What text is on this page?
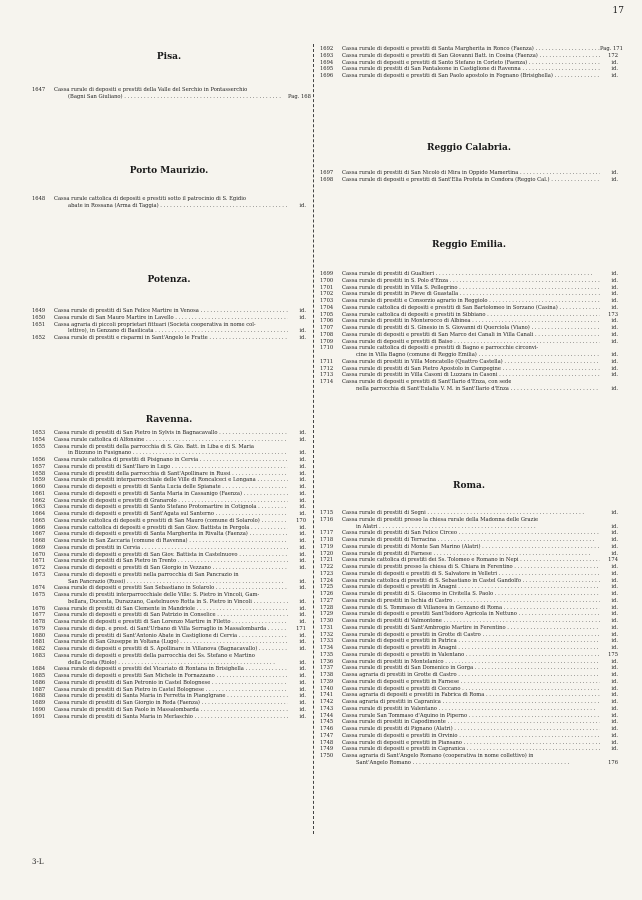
17
Pisa.
1647	Cassa rurale di depositi e prestiti della Valle del Serchio in Pontasserchio
(Bagni San Giuliano) . . .	Pag. 168
Porto Maurizio.
1648	Cassa rurale cattolica di depositi e prestiti sotto il patrocinio di S. Egidio
abate in Rossana (Arma di Taggia) . . .	id.
Potenza.
1649	Cassa rurale di prestiti di San Felice Martire in Venosa . . .	id.
1650	Cassa rurale di San Mauro Martire in Lavello . . .	id.
1651	Cassa agraria di piccoli proprietari fittuari (Società cooperativa in nome col-
lettivo), in Genzano di Basilicata . . .	id.
1652	Cassa rurale di prestiti e risparmi in Sant'Angelo le Fratte . . .	id.
Ravenna.
1653	Cassa rurale di prestiti di San Pietro in Sylvis in Bagnacavallo . . .	id.
1654	Cassa rurale cattolica di Alfonsine . . .	id.
1655	Cassa rurale di prestiti della parrocchia di S. Gio. Batt. in Liba e di S. Maria
in Bizzuno in Fusignano . . .	id.
1656	Cassa rurale cattolica di prestiti di Pisignano in Cervia . . .	id.
1657	Cassa rurale di prestiti di Sant'Ilaro in Lugo . . .	id.
1658	Cassa rurale di prestiti della parrocchia di Sant'Apollinare in Russi . . .	id.
1659	Cassa rurale di prestiti interparrocchiale delle Ville di Roncalceci e Longana . . .	id.
1660	Cassa rurale di depositi e prestiti di Santa Lucia delle Spianate . . .	id.
1661	Cassa rurale di depositi e prestiti di Santa Maria in Cassanigo (Faenza) . . .	id.
1662	Cassa rurale di depositi e prestiti di Granarolo . . .	id.
1663	Cassa rurale di depositi e prestiti di Santo Stefano Protomartire in Cotignola . . .	id.
1664	Cassa rurale di depositi e prestiti di Sant'Agata sul Santerno . . .	id.
1665	Cassa rurale cattolica di depositi e prestiti di San Mauro (comune di Solarolo) . . .	170
1666	Cassa rurale cattolica di depositi e prestiti di San Giov. Battista in Pergola . . .	id.
1667	Cassa rurale di depositi e prestiti di Santa Margherita in Rivalta (Faenza) . . .	id.
1668	Cassa rurale in San Zaccaria (comune di Ravenna) . . .	id.
1669	Cassa rurale di prestiti in Cervia . . .	id.
1670	Cassa rurale di depositi e prestiti di San Giov. Battista in Castelnuovo . . .	id.
1671	Cassa rurale di prestiti di San Pietro in Trento . . .	id.
1672	Cassa rurale di depositi e prestiti di San Giorgio in Vezzano . . .	id.
1673	Cassa rurale di depositi e prestiti nella parrocchia di San Pancrazio in
San Pancrazio (Russi) . . .	id.
1674	Cassa rurale di depositi e prestiti San Sebastiano in Solarolo . . .	id.
1675	Cassa rurale di prestiti interparrocchiale delle Ville: S. Pietro in Vincoli, Gam-
bellara, Ducenta, Durazzano, Castelnuovo Rotta in S. Pietro in Vincoli . . .	id.
1676	Cassa rurale di prestiti di San Clemente in Mandriole . . .	id.
1677	Cassa rurale di depositi e prestiti di San Patrizio in Conselice . . .	id.
1678	Cassa rurale di depositi e prestiti di San Lorenzo Martire in Filetto . . .	id.
1679	Cassa rurale di dep. e prest. di Sant'Urbano di Villa Serraglio in Massalombarda . . .	171
1680	Cassa rurale di prestiti di Sant'Antonio Abate in Castiglione di Cervia . . .	id.
1681	Cassa rurale di San Giuseppe in Voltana (Lugo) . . .	id.
1682	Cassa rurale di depositi e prestiti di S. Apollinare in Villanova (Bagnacavallo) . . .	id.
1683	Cassa rurale di depositi e prestiti della parrocchia dei Ss. Stefano e Martino
della Costa (Riolo) . . .	id.
1684	Cassa rurale di depositi e prestiti del Vicariato di Rontana in Brisighella . . .	id.
1685	Cassa rurale di depositi e prestiti San Michele in Fornazzano . . .	id.
1686	Cassa rurale di prestiti di San Petronio in Castel Bolognese . . .	id.
1687	Cassa rurale di prestiti di San Pietro in Castel Bolognese . . .	id.
1688	Cassa rurale di prestiti di Santa Maria in Ferretta in Pianglgrane . . .	id.
1689	Cassa rurale di prestiti di San Giorgio in Reda (Faenza) . . .	id.
1690	Cassa rurale di prestiti di San Paolo in Massalombarda . . .	id.
1691	Cassa rurale di prestiti di Santa Maria in Merlaschio . . .	id.
1692	Cassa rurale di depositi e prestiti di Santa Margherita in Ronco (Faenza) . . .	Pag. 171
1693	Cassa rurale di depositi e prestiti di San Giovanni Batt. in Cosina (Faenza) . . .	172
1694	Cassa rurale di depositi e prestiti di Santo Stefano in Corleto (Faenza) . . .	id.
1695	Cassa rurale di prestiti di San Pantaleone in Castiglione di Ravenna . . .	id.
1696	Cassa rurale di depositi e prestiti di San Paolo apostolo in Fognano (Brisighella) . . .	id.
Reggio Calabria.
1697	Cassa rurale di prestiti di San Nicolò di Mira in Oppido Mamertina . . .	id.
1698	Cassa rurale di depositi e prestiti di Sant'Elia Profeta in Condora (Reggio Cal.) . . .	id.
Reggio Emilia.
1699	Cassa rurale di prestiti di Gualtieri . . .	id.
1700	Cassa rurale di prestiti in S. Polo d'Enza . . .	id.
1701	Cassa rurale di prestiti in Villa S. Pellegrino . . .	id.
1702	Cassa rurale di prestiti in Pieve di Guastalla . . .	id.
1703	Cassa rurale di prestiti e Consorzio agrario in Reggiolo . . .	id.
1704	Cassa rurale cattolica di depositi e prestiti di San Bartolomeo in Sorzano (Casina) . . .	id.
1705	Cassa rurale cattolica di depositi e prestiti in Sibbiano . . .	173
1706	Cassa rurale di prestiti in Monterocco di Albinea . . .	id.
1707	Cassa rurale di prestiti di S. Ginesio in S. Giovanni di Querciola (Viano) . . .	id.
1708	Cassa rurale di depositi e prestiti di San Marco dei Canali in Villa Canali . . .	id.
1709	Cassa rurale di depositi e prestiti di Baiso . . .	id.
1710	Cassa rurale cattolica di depositi e prestiti di Bagno e parrocchie circonvi-
cine in Villa Bagno (comune di Reggio Emilia) . . .	id.
1711	Cassa rurale di prestiti in Villa Moncatello (Quattro Castella) . . .	id.
1712	Cassa rurale di prestiti di San Pietro Apostolo in Campegine . . .	id.
1713	Cassa rurale di prestiti in Villa Casoni di Luzzara in Casoni . . .	id.
1714	Cassa rurale di depositi e prestiti di Sant'Ilario d'Enza, con sede
nella parrocchia di Sant'Eulalia V. M. in Sant'Ilario d'Enza . . .	id.
Roma.
1715	Cassa rurale di prestiti di Segni . . .	id.
1716	Cassa rurale di prestiti presso la chiesa rurale della Madonna delle Grazie
in Alatri . . .	id.
1717	Cassa rurale di prestiti di San Felice Circeo . . .	id.
1718	Cassa rurale di prestiti di Terracina . . .	id.
1719	Cassa rurale di prestiti di Monte San Marino (Alatri) . . .	id.
1720	Cassa rurale di prestiti di Farnese . . .	id.
1721	Cassa rurale cattolica di prestiti dei Ss. Tolomeo e Romano in Nepi . . .	174
1722	Cassa rurale di prestiti presso la chiesa di S. Chiara in Ferentino . . .	id.
1723	Cassa rurale di depositi e prestiti di S. Salvatore in Velletri . . .	id.
1724	Cassa rurale cattolica di prestiti di S. Sebastiano in Castel Gandolfo . . .	id.
1725	Cassa rurale di depositi e prestiti in Anagni . . .	id.
1726	Cassa rurale di prestiti di S. Giacomo in Civitella S. Paolo . . .	id.
1727	Cassa rurale di prestiti in Ischia di Castro . . .	id.
1728	Cassa rurale di S. Tommaso di Villanova in Genzano di Roma . . .	id.
1729	Cassa rurale di depositi e prestiti Sant'Isidoro Agricola in Nettuno . . .	id.
1730	Cassa rurale di prestiti di Valmontone . . .	id.
1731	Cassa rurale di prestiti di Sant'Ambrogio Martire in Ferentino . . .	id.
1732	Cassa rurale di depositi e prestiti in Grotte di Castro . . .	id.
1733	Cassa rurale di depositi e prestiti in Patrica . . .	id.
1734	Cassa rurale di depositi e prestiti in Anagni . . .	id.
1735	Cassa rurale di depositi e prestiti in Valentano . . .	175
1736	Cassa rurale di prestiti in Montelanico . . .	id.
1737	Cassa rurale di prestiti di San Domenico in Gorga . . .	id.
1738	Cassa agraria di prestiti in Grotte di Castro . . .	id.
1739	Cassa rurale di depositi e prestiti in Farnese . . .	id.
1740	Cassa rurale di depositi e prestiti di Ceccano . . .	id.
1741	Cassa agraria di depositi e prestiti in Fabrica di Roma . . .	id.
1742	Cassa agraria di prestiti in Capranica . . .	id.
1743	Cassa rurale di prestiti in Valentano . . .	id.
1744	Cassa rurale San Tommaso d'Aquino in Piperno . . .	id.
1745	Cassa rurale di prestiti in Capodimonte . . .	id.
1746	Cassa rurale di prestiti di Pignano (Alatri) . . .	id.
1747	Cassa rurale di depositi e prestiti in Orvinio . . .	id.
1748	Cassa rurale di depositi e prestiti in Piansano . . .	id.
1749	Cassa rurale di depositi e prestiti in Capranica . . .	id.
1750	Cassa agraria di Sant'Angelo Romano (cooperativa in nome collettivo) in
Sant'Angelo Romano . . .	176
3-L
